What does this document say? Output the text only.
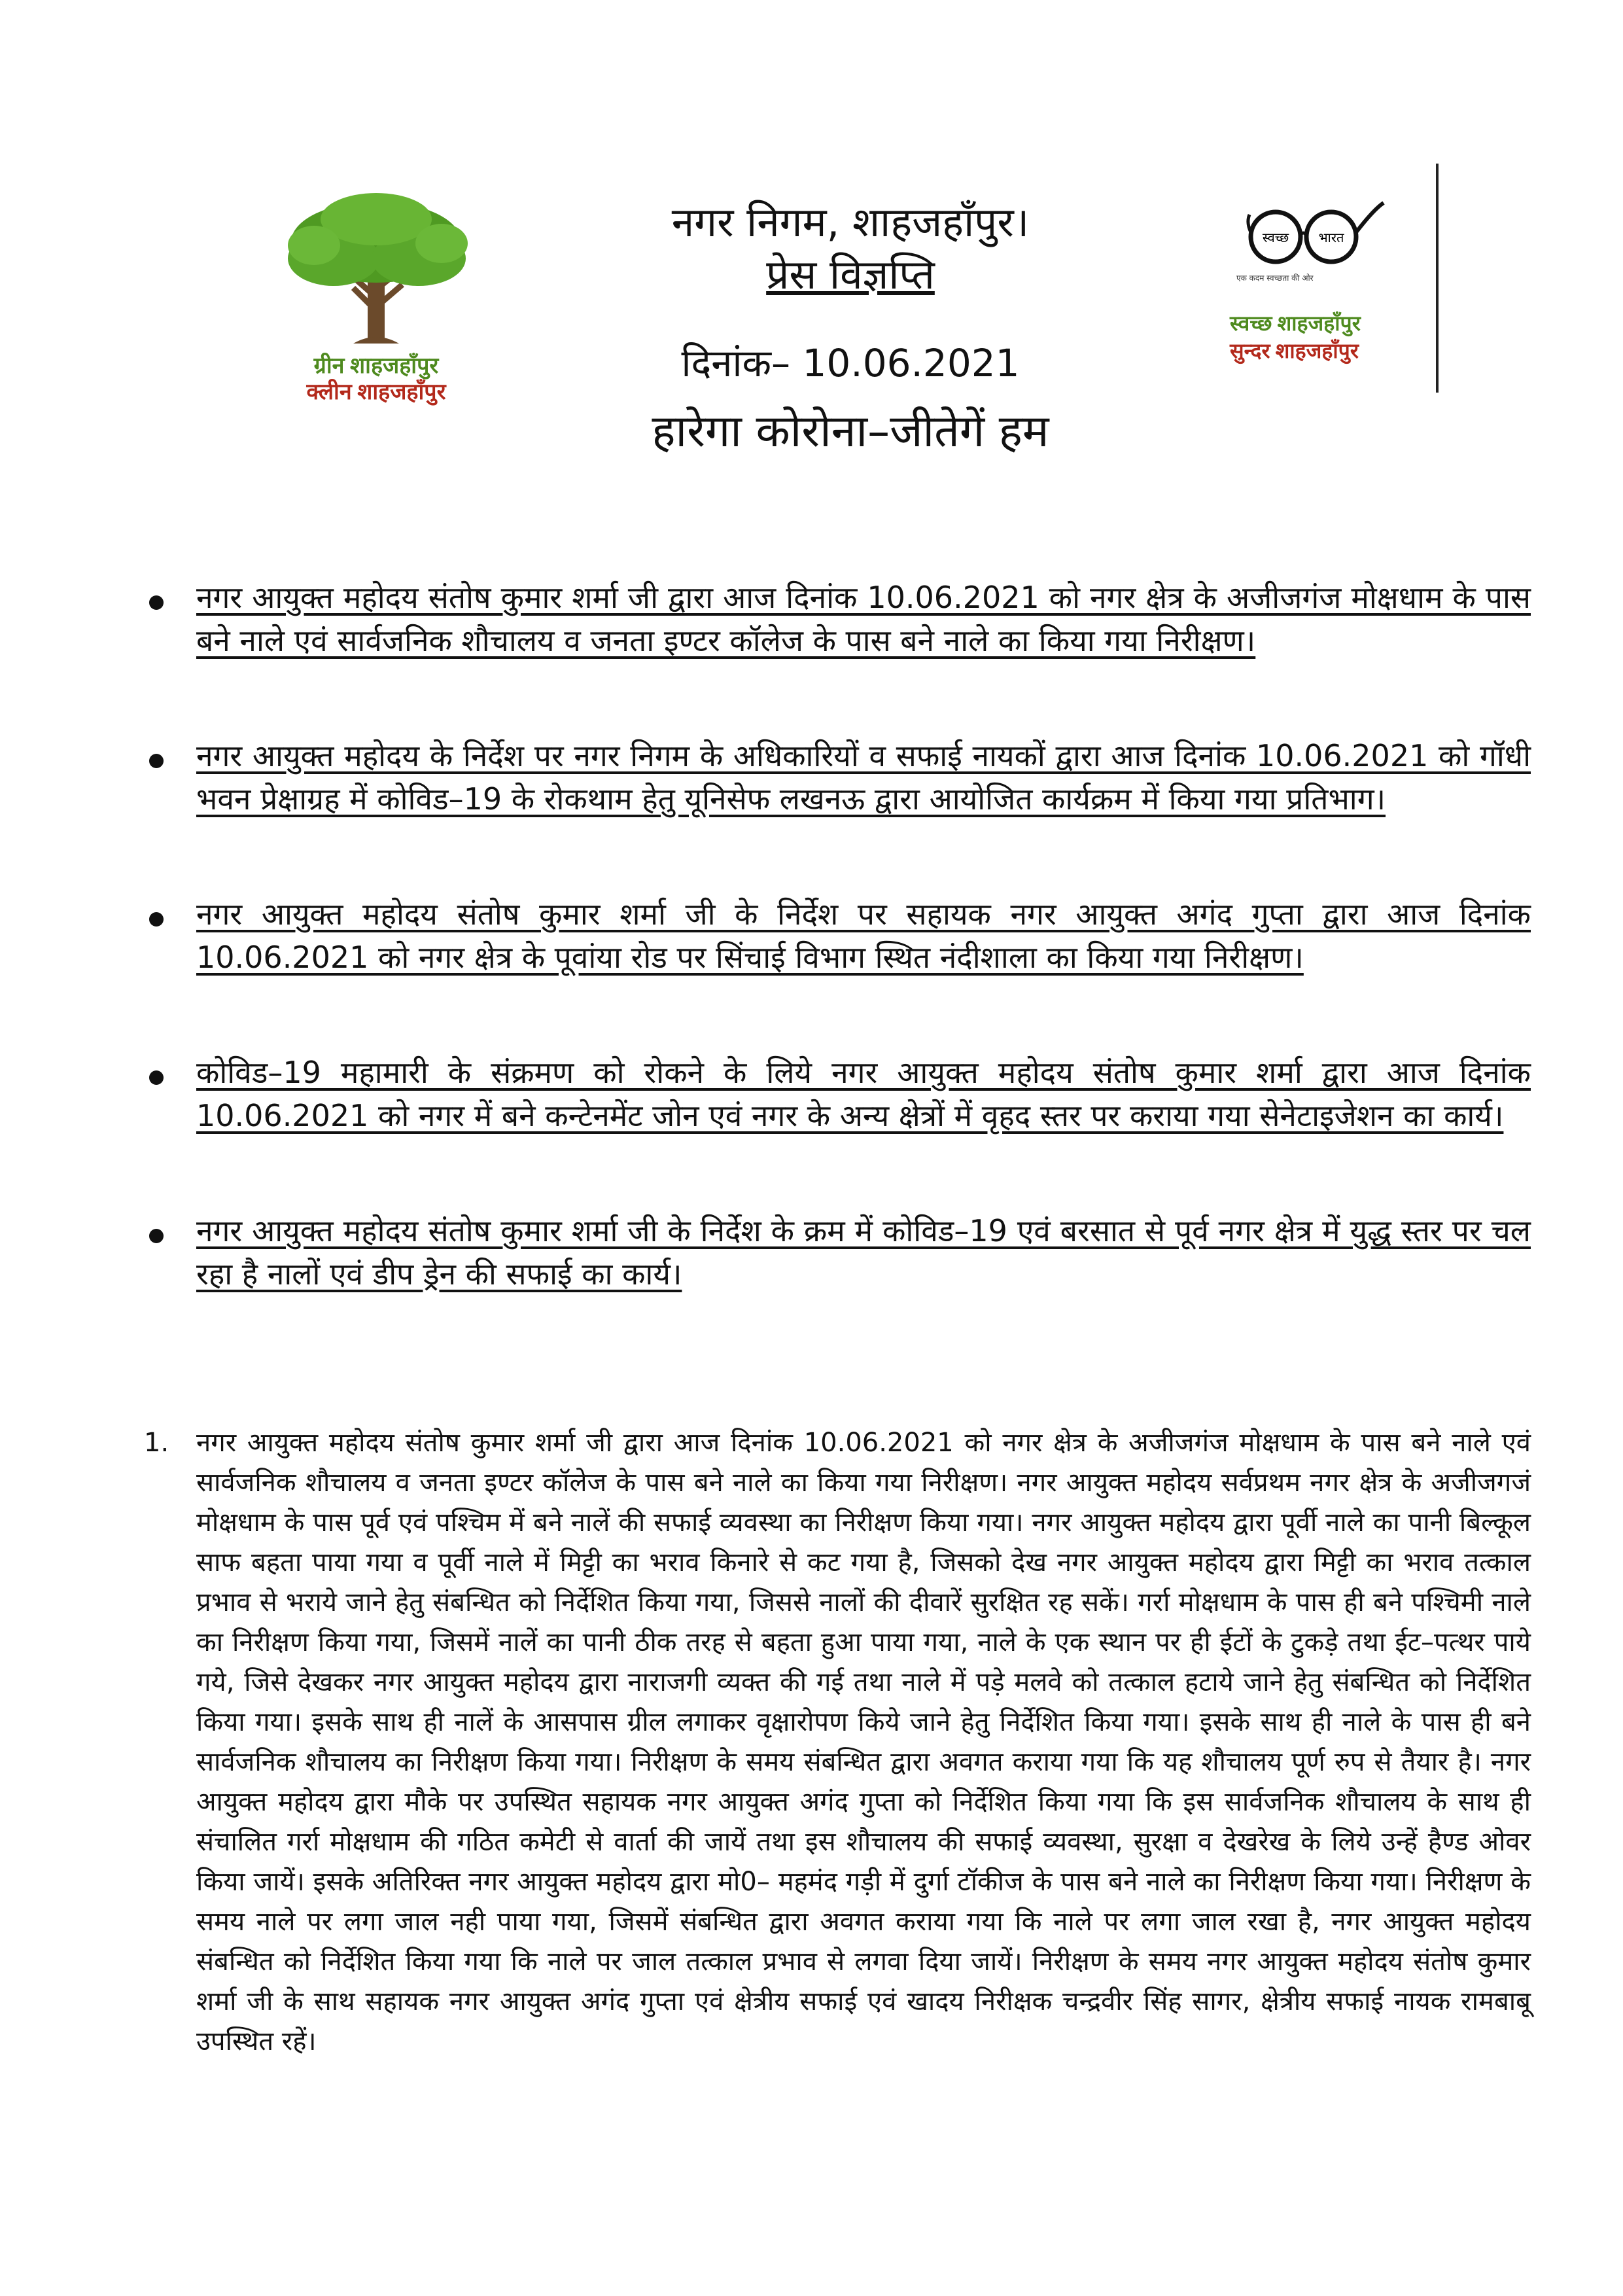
ग्रीन शाहजहाँपुर
क्लीन शाहजहाँपुर
नगर निगम, शाहजहाँपुर।
प्रेस विज्ञप्ति
दिनांक– 10.06.2021
हारेगा कोरोना–जीतेगें हम
स्वच्छ भारत
एक कदम स्वच्छता की ओर
स्वच्छ शाहजहाँपुर
सुन्दर शाहजहाँपुर

नगर आयुक्त महोदय संतोष कुमार शर्मा जी द्वारा आज दिनांक 10.06.2021 को नगर क्षेत्र के अजीजगंज मोक्षधाम के पास बने नाले एवं सार्वजनिक शौचालय व जनता इण्टर कॉलेज के पास बने नाले का किया गया निरीक्षण।

नगर आयुक्त महोदय के निर्देश पर नगर निगम के अधिकारियों व सफाई नायकों द्वारा आज दिनांक 10.06.2021 को गॉधी भवन प्रेक्षाग्रह में कोविड–19 के रोकथाम हेतु यूनिसेफ लखनऊ द्वारा आयोजित कार्यक्रम में किया गया प्रतिभाग।

नगर आयुक्त महोदय संतोष कुमार शर्मा जी के निर्देश पर सहायक नगर आयुक्त अगंद गुप्ता द्वारा आज दिनांक 10.06.2021 को नगर क्षेत्र के पूवांया रोड पर सिंचाई विभाग स्थित नंदीशाला का किया गया निरीक्षण।

कोविड–19 महामारी के संक्रमण को रोकने के लिये नगर आयुक्त महोदय संतोष कुमार शर्मा द्वारा आज दिनांक 10.06.2021 को नगर में बने कन्टेनमेंट जोन एवं नगर के अन्य क्षेत्रों में वृहद स्तर पर कराया गया सेनेटाइजेशन का कार्य।

नगर आयुक्त महोदय संतोष कुमार शर्मा जी के निर्देश के क्रम में कोविड–19 एवं बरसात से पूर्व नगर क्षेत्र में युद्ध स्तर पर चल रहा है नालों एवं डीप ड्रेन की सफाई का कार्य।

1. नगर आयुक्त महोदय संतोष कुमार शर्मा जी द्वारा आज दिनांक 10.06.2021 को नगर क्षेत्र के अजीजगंज मोक्षधाम के पास बने नाले एवं सार्वजनिक शौचालय व जनता इण्टर कॉलेज के पास बने नाले का किया गया निरीक्षण। नगर आयुक्त महोदय सर्वप्रथम नगर क्षेत्र के अजीजगजं मोक्षधाम के पास पूर्व एवं पश्चिम में बने नालें की सफाई व्यवस्था का निरीक्षण किया गया। नगर आयुक्त महोदय द्वारा पूर्वी नाले का पानी बिल्कूल साफ बहता पाया गया व पूर्वी नाले में मिट्टी का भराव किनारे से कट गया है, जिसको देख नगर आयुक्त महोदय द्वारा मिट्टी का भराव तत्काल प्रभाव से भराये जाने हेतु संबन्धित को निर्देशित किया गया, जिससे नालों की दीवारें सुरक्षित रह सकें। गर्रा मोक्षधाम के पास ही बने पश्चिमी नाले का निरीक्षण किया गया, जिसमें नालें का पानी ठीक तरह से बहता हुआ पाया गया, नाले के एक स्थान पर ही ईटों के टुकड़े तथा ईट–पत्थर पाये गये, जिसे देखकर नगर आयुक्त महोदय द्वारा नाराजगी व्यक्त की गई तथा नाले में पड़े मलवे को तत्काल हटाये जाने हेतु संबन्धित को निर्देशित किया गया। इसके साथ ही नालें के आसपास ग्रील लगाकर वृक्षारोपण किये जाने हेतु निर्देशित किया गया। इसके साथ ही नाले के पास ही बने सार्वजनिक शौचालय का निरीक्षण किया गया। निरीक्षण के समय संबन्धित द्वारा अवगत कराया गया कि यह शौचालय पूर्ण रुप से तैयार है। नगर आयुक्त महोदय द्वारा मौके पर उपस्थित सहायक नगर आयुक्त अगंद गुप्ता को निर्देशित किया गया कि इस सार्वजनिक शौचालय के साथ ही संचालित गर्रा मोक्षधाम की गठित कमेटी से वार्ता की जायें तथा इस शौचालय की सफाई व्यवस्था, सुरक्षा व देखरेख के लिये उन्हें हैण्ड ओवर किया जायें। इसके अतिरिक्त नगर आयुक्त महोदय द्वारा मो0– महमंद गड़ी में दुर्गा टॉकीज के पास बने नाले का निरीक्षण किया गया। निरीक्षण के समय नाले पर लगा जाल नही पाया गया, जिसमें संबन्धित द्वारा अवगत कराया गया कि नाले पर लगा जाल रखा है, नगर आयुक्त महोदय संबन्धित को निर्देशित किया गया कि नाले पर जाल तत्काल प्रभाव से लगवा दिया जायें। निरीक्षण के समय नगर आयुक्त महोदय संतोष कुमार शर्मा जी के साथ सहायक नगर आयुक्त अगंद गुप्ता एवं क्षेत्रीय सफाई एवं खादय निरीक्षक चन्द्रवीर सिंह सागर, क्षेत्रीय सफाई नायक रामबाबू उपस्थित रहें।
